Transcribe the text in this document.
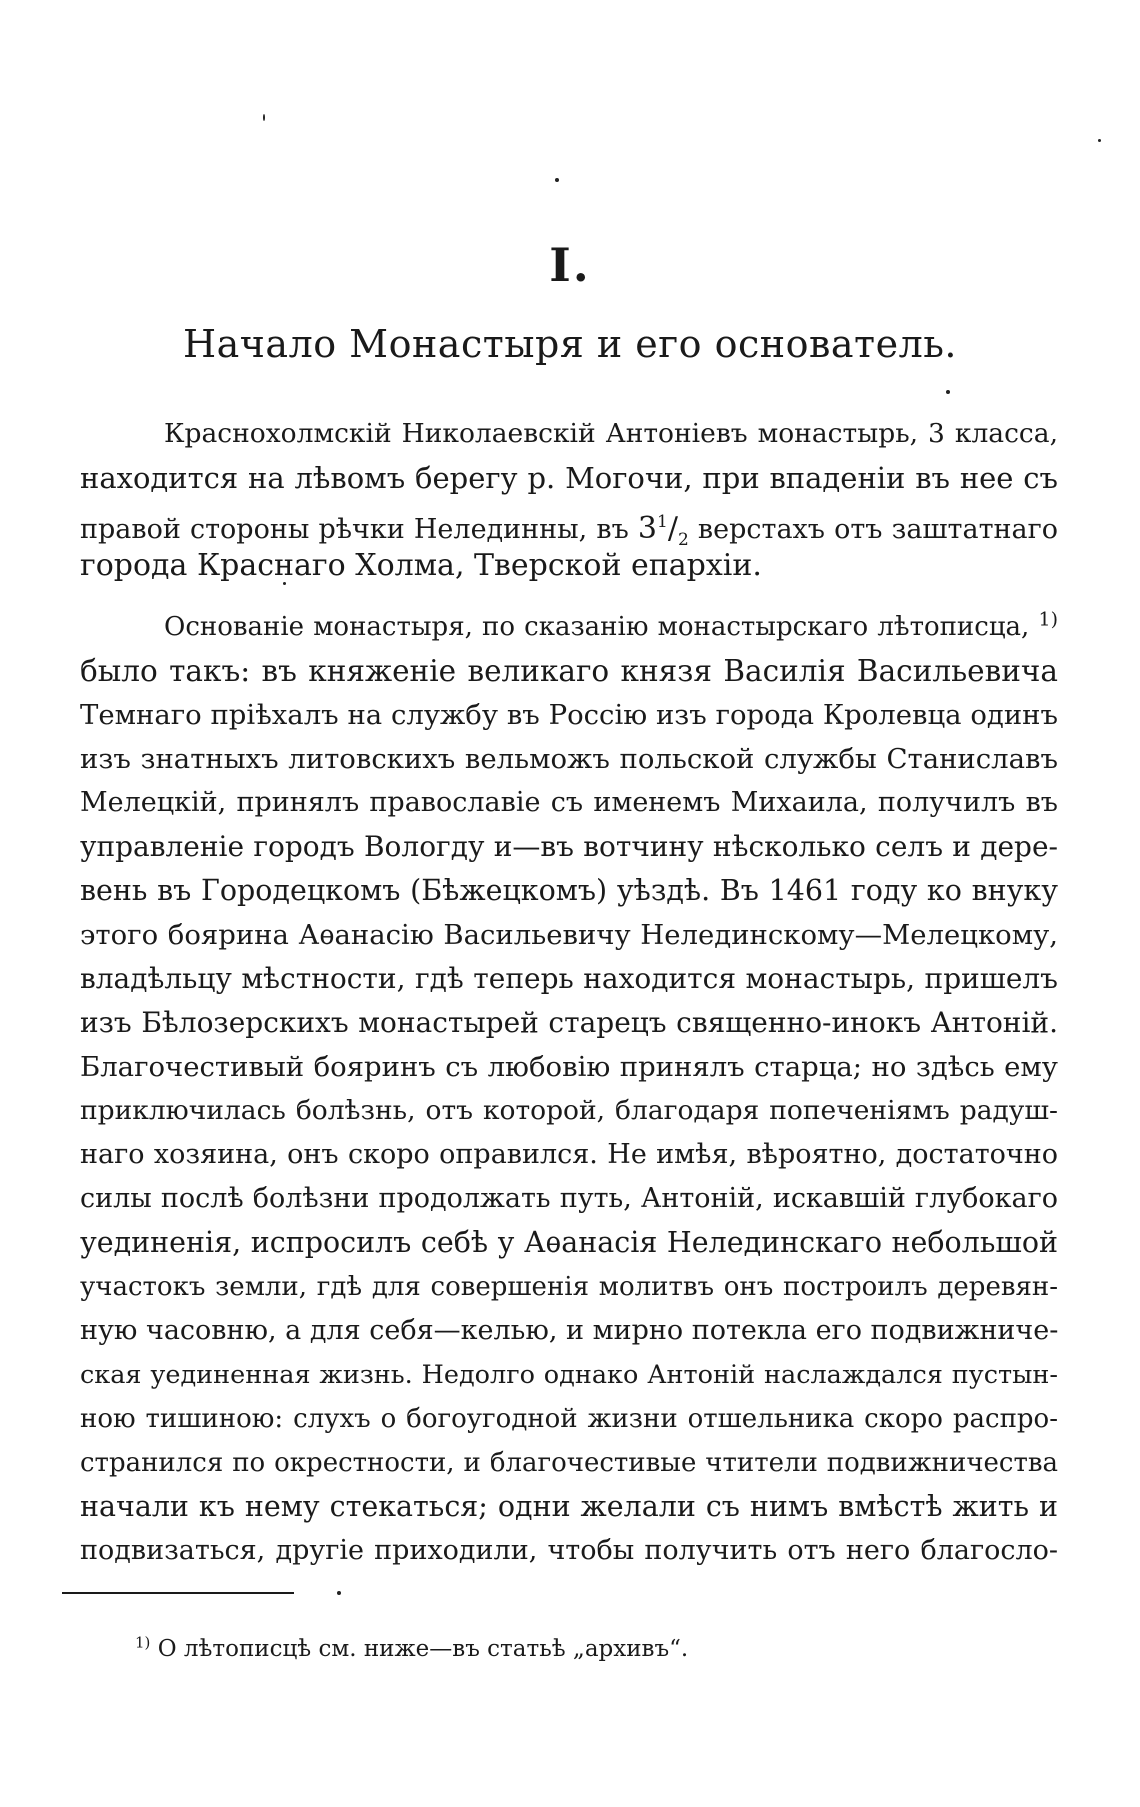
I.
Начало Монастыря и его основатель.
Краснохолмскій Николаевскій Антоніевъ монастырь, 3 класса,
находится на лѣвомъ берегу р. Могочи, при впаденіи въ нее съ
правой стороны рѣчки Нелединны, въ $3^1/_2$ верстахъ отъ заштатнаго
города Краснаго Холма, Тверской епархіи.
Основаніе монастыря, по сказанію монастырскаго лѣтописца, $^{1)}$
было такъ: въ княженіе великаго князя Василія Васильевича
Темнаго пріѣхалъ на службу въ Россію изъ города Кролевца одинъ
изъ знатныхъ литовскихъ вельможъ польской службы Станиславъ
Мелецкій, принялъ православіе съ именемъ Михаила, получилъ въ
управленіе городъ Вологду и—въ вотчину нѣсколько селъ и дере-
вень въ Городецкомъ (Бѣжецкомъ) уѣздѣ. Въ 1461 году ко внуку
этого боярина Аѳанасію Васильевичу Нелединскому—Мелецкому,
владѣльцу мѣстности, гдѣ теперь находится монастырь, пришелъ
изъ Бѣлозерскихъ монастырей старецъ священно-инокъ Антоній.
Благочестивый бояринъ съ любовію принялъ старца; но здѣсь ему
приключилась болѣзнь, отъ которой, благодаря попеченіямъ радуш-
наго хозяина, онъ скоро оправился. Не имѣя, вѣроятно, достаточно
силы послѣ болѣзни продолжать путь, Антоній, искавшій глубокаго
уединенія, испросилъ себѣ у Аѳанасія Нелединскаго небольшой
участокъ земли, гдѣ для совершенія молитвъ онъ построилъ деревян-
ную часовню, а для себя—келью, и мирно потекла его подвижниче-
ская уединенная жизнь. Недолго однако Антоній наслаждался пустын-
ною тишиною: слухъ о богоугодной жизни отшельника скоро распро-
странился по окрестности, и благочестивые чтители подвижничества
начали къ нему стекаться; одни желали съ нимъ вмѣстѣ жить и
подвизаться, другіе приходили, чтобы получить отъ него благосло-
$^{1)}$ О лѣтописцѣ см. ниже—въ статьѣ „архивъ“.
